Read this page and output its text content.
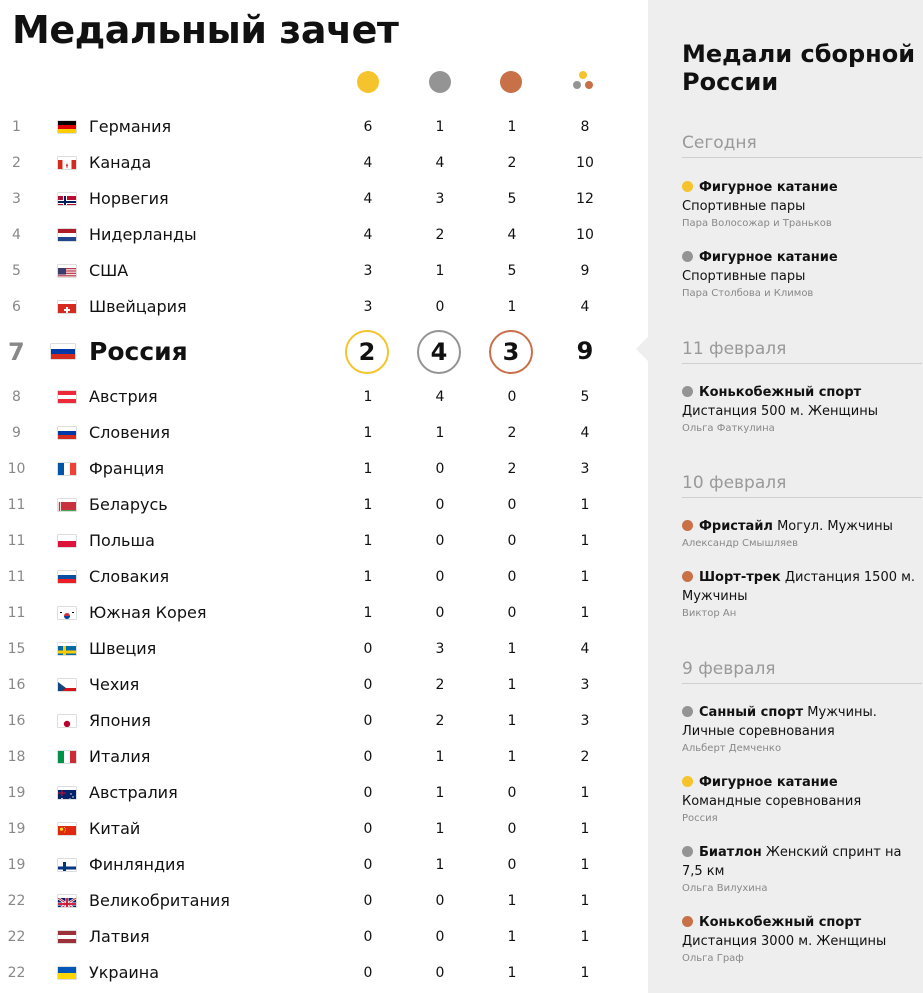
Медальный зачет
1	Германия	6	1	1	8
2	Канада	4	4	2	10
3	Норвегия	4	3	5	12
4	Нидерланды	4	2	4	10
5	США	3	1	5	9
6	Швейцария	3	0	1	4
7	Россия	2	4	3	9
8	Австрия	1	4	0	5
9	Словения	1	1	2	4
10	Франция	1	0	2	3
11	Беларусь	1	0	0	1
11	Польша	1	0	0	1
11	Словакия	1	0	0	1
11	Южная Корея	1	0	0	1
15	Швеция	0	3	1	4
16	Чехия	0	2	1	3
16	Япония	0	2	1	3
18	Италия	0	1	1	2
19	Австралия	0	1	0	1
19	Китай	0	1	0	1
19	Финляндия	0	1	0	1
22	Великобритания	0	0	1	1
22	Латвия	0	0	1	1
22	Украина	0	0	1	1
Медали сборной России
Сегодня
Фигурное катание
Спортивные пары
Пара Волосожар и Траньков
Фигурное катание
Спортивные пары
Пара Столбова и Климов
11 февраля
Конькобежный спорт
Дистанция 500 м. Женщины
Ольга Фаткулина
10 февраля
Фристайл Могул. Мужчины
Александр Смышляев
Шорт-трек Дистанция 1500 м. Мужчины
Виктор Ан
9 февраля
Санный спорт Мужчины. Личные соревнования
Альберт Демченко
Фигурное катание
Командные соревнования
Россия
Биатлон Женский спринт на 7,5 км
Ольга Вилухина
Конькобежный спорт
Дистанция 3000 м. Женщины
Ольга Граф
